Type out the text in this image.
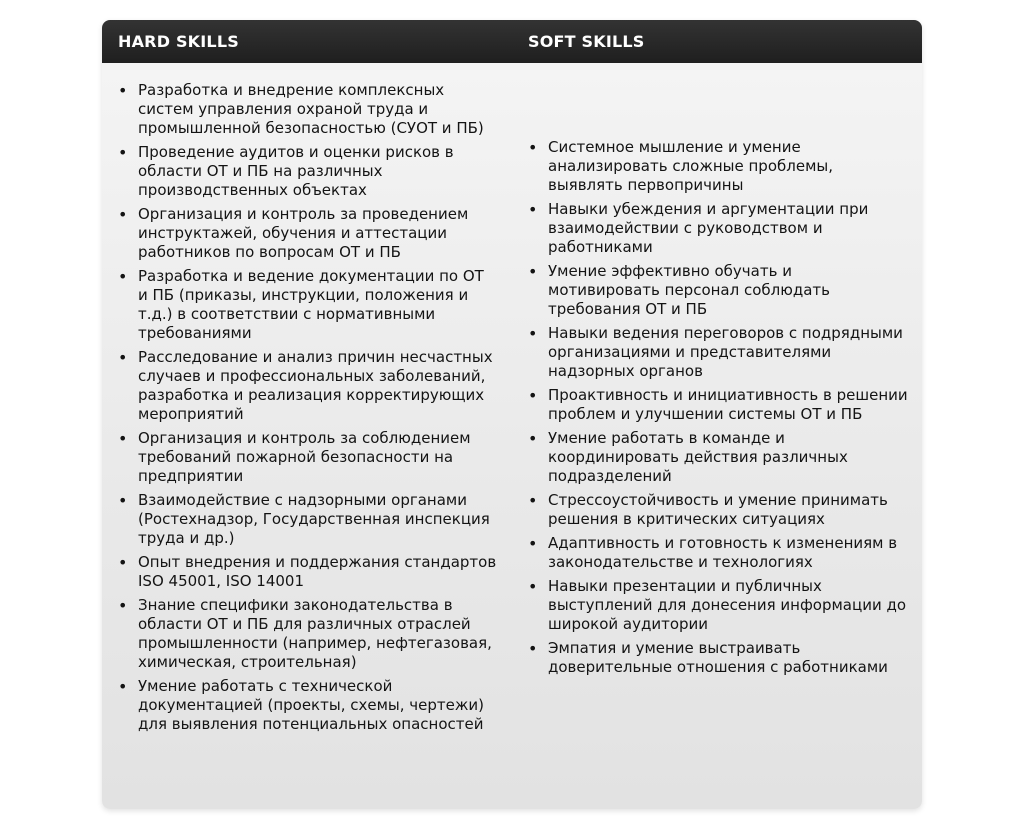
HARD SKILLS	SOFT SKILLS
• Разработка и внедрение комплексных систем управления охраной труда и промышленной безопасностью (СУОТ и ПБ)
• Проведение аудитов и оценки рисков в области ОТ и ПБ на различных производственных объектах
• Организация и контроль за проведением инструктажей, обучения и аттестации работников по вопросам ОТ и ПБ
• Разработка и ведение документации по ОТ и ПБ (приказы, инструкции, положения и т.д.) в соответствии с нормативными требованиями
• Расследование и анализ причин несчастных случаев и профессиональных заболеваний, разработка и реализация корректирующих мероприятий
• Организация и контроль за соблюдением требований пожарной безопасности на предприятии
• Взаимодействие с надзорными органами (Ростехнадзор, Государственная инспекция труда и др.)
• Опыт внедрения и поддержания стандартов ISO 45001, ISO 14001
• Знание специфики законодательства в области ОТ и ПБ для различных отраслей промышленности (например, нефтегазовая, химическая, строительная)
• Умение работать с технической документацией (проекты, схемы, чертежи) для выявления потенциальных опасностей
• Системное мышление и умение анализировать сложные проблемы, выявлять первопричины
• Навыки убеждения и аргументации при взаимодействии с руководством и работниками
• Умение эффективно обучать и мотивировать персонал соблюдать требования ОТ и ПБ
• Навыки ведения переговоров с подрядными организациями и представителями надзорных органов
• Проактивность и инициативность в решении проблем и улучшении системы ОТ и ПБ
• Умение работать в команде и координировать действия различных подразделений
• Стрессоустойчивость и умение принимать решения в критических ситуациях
• Адаптивность и готовность к изменениям в законодательстве и технологиях
• Навыки презентации и публичных выступлений для донесения информации до широкой аудитории
• Эмпатия и умение выстраивать доверительные отношения с работниками
